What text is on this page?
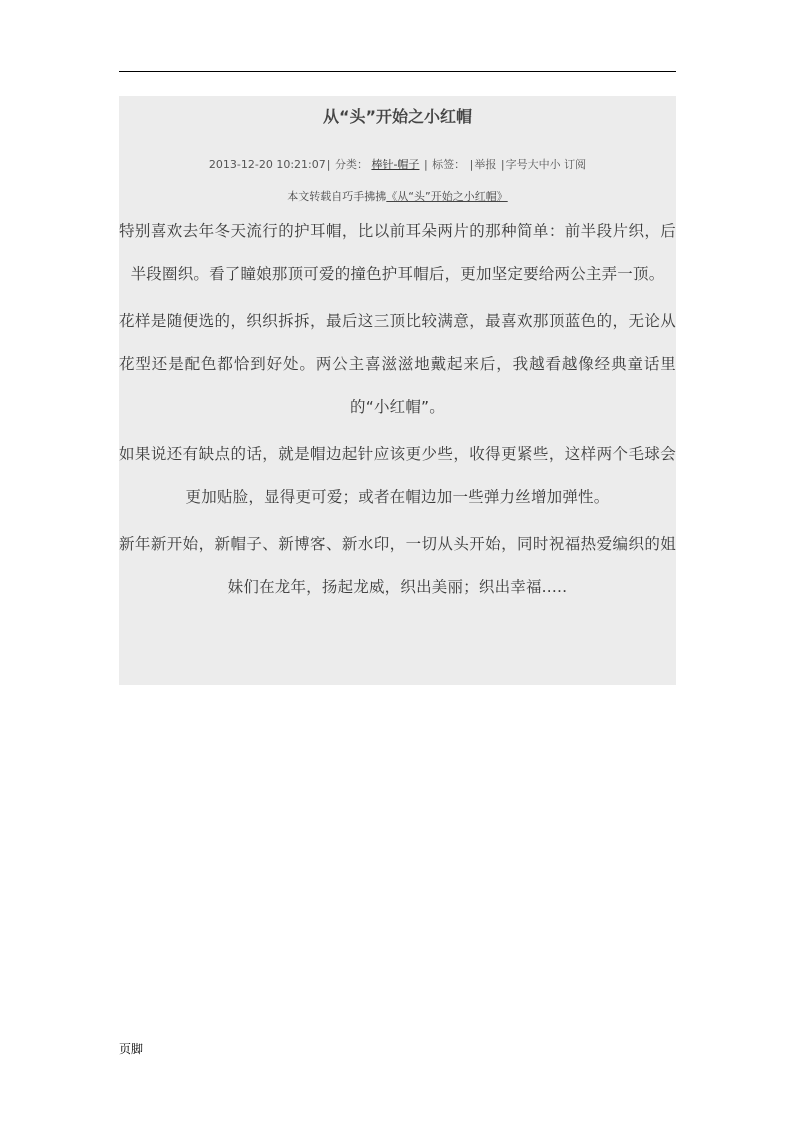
从“头”开始之小红帽
2013-12-20 10:21:07| 分类： 棒针-帽子 | 标签： |举报 |字号大中小 订阅
本文转载自巧手拂拂《从“头”开始之小红帽》

特别喜欢去年冬天流行的护耳帽，比以前耳朵两片的那种简单：前半段片织，后半段圈织。看了瞳娘那顶可爱的撞色护耳帽后，更加坚定要给两公主弄一顶。

花样是随便选的，织织拆拆，最后这三顶比较满意，最喜欢那顶蓝色的，无论从花型还是配色都恰到好处。两公主喜滋滋地戴起来后，我越看越像经典童话里的“小红帽”。

如果说还有缺点的话，就是帽边起针应该更少些，收得更紧些，这样两个毛球会更加贴脸，显得更可爱；或者在帽边加一些弹力丝增加弹性。

新年新开始，新帽子、新博客、新水印，一切从头开始，同时祝福热爱编织的姐妹们在龙年，扬起龙威，织出美丽；织出幸福.....

页脚
